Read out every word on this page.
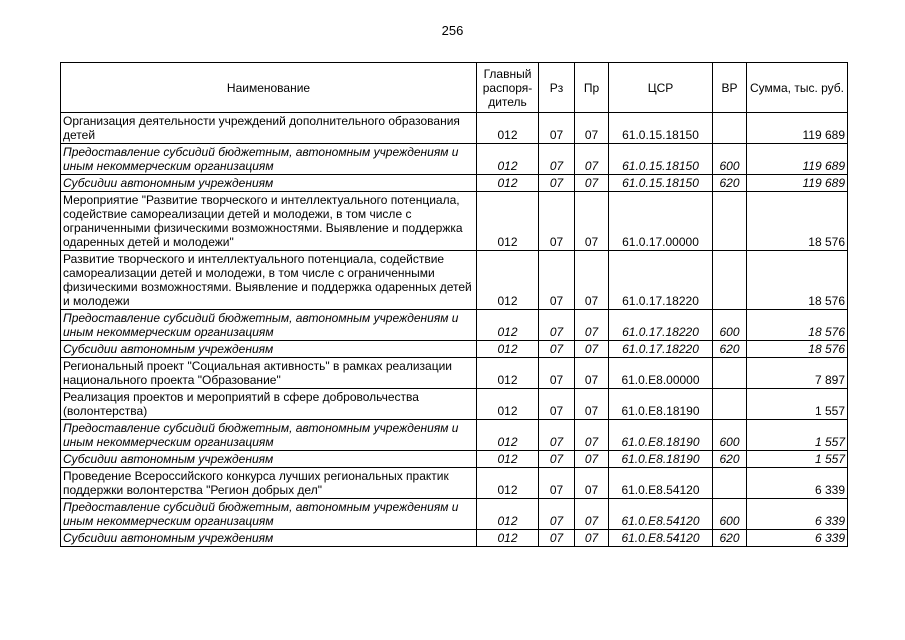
256
Наименование	Главный распоря-дитель	Рз	Пр	ЦСР	ВР	Сумма, тыс. руб.
Организация деятельности учреждений дополнительного образования детей	012	07	07	61.0.15.18150		119 689
Предоставление субсидий бюджетным, автономным учреждениям и иным некоммерческим организациям	012	07	07	61.0.15.18150	600	119 689
Субсидии автономным учреждениям	012	07	07	61.0.15.18150	620	119 689
Мероприятие "Развитие творческого и интеллектуального потенциала, содействие самореализации детей и молодежи, в том числе с ограниченными физическими возможностями. Выявление и поддержка одаренных детей и молодежи"	012	07	07	61.0.17.00000		18 576
Развитие творческого и интеллектуального потенциала, содействие самореализации детей и молодежи, в том числе с ограниченными физическими возможностями. Выявление и поддержка одаренных детей и молодежи	012	07	07	61.0.17.18220		18 576
Предоставление субсидий бюджетным, автономным учреждениям и иным некоммерческим организациям	012	07	07	61.0.17.18220	600	18 576
Субсидии автономным учреждениям	012	07	07	61.0.17.18220	620	18 576
Региональный проект "Социальная активность" в рамках реализации национального проекта "Образование"	012	07	07	61.0.E8.00000		7 897
Реализация проектов и мероприятий в сфере добровольчества (волонтерства)	012	07	07	61.0.E8.18190		1 557
Предоставление субсидий бюджетным, автономным учреждениям и иным некоммерческим организациям	012	07	07	61.0.E8.18190	600	1 557
Субсидии автономным учреждениям	012	07	07	61.0.E8.18190	620	1 557
Проведение Всероссийского конкурса лучших региональных практик поддержки волонтерства "Регион добрых дел"	012	07	07	61.0.E8.54120		6 339
Предоставление субсидий бюджетным, автономным учреждениям и иным некоммерческим организациям	012	07	07	61.0.E8.54120	600	6 339
Субсидии автономным учреждениям	012	07	07	61.0.E8.54120	620	6 339
